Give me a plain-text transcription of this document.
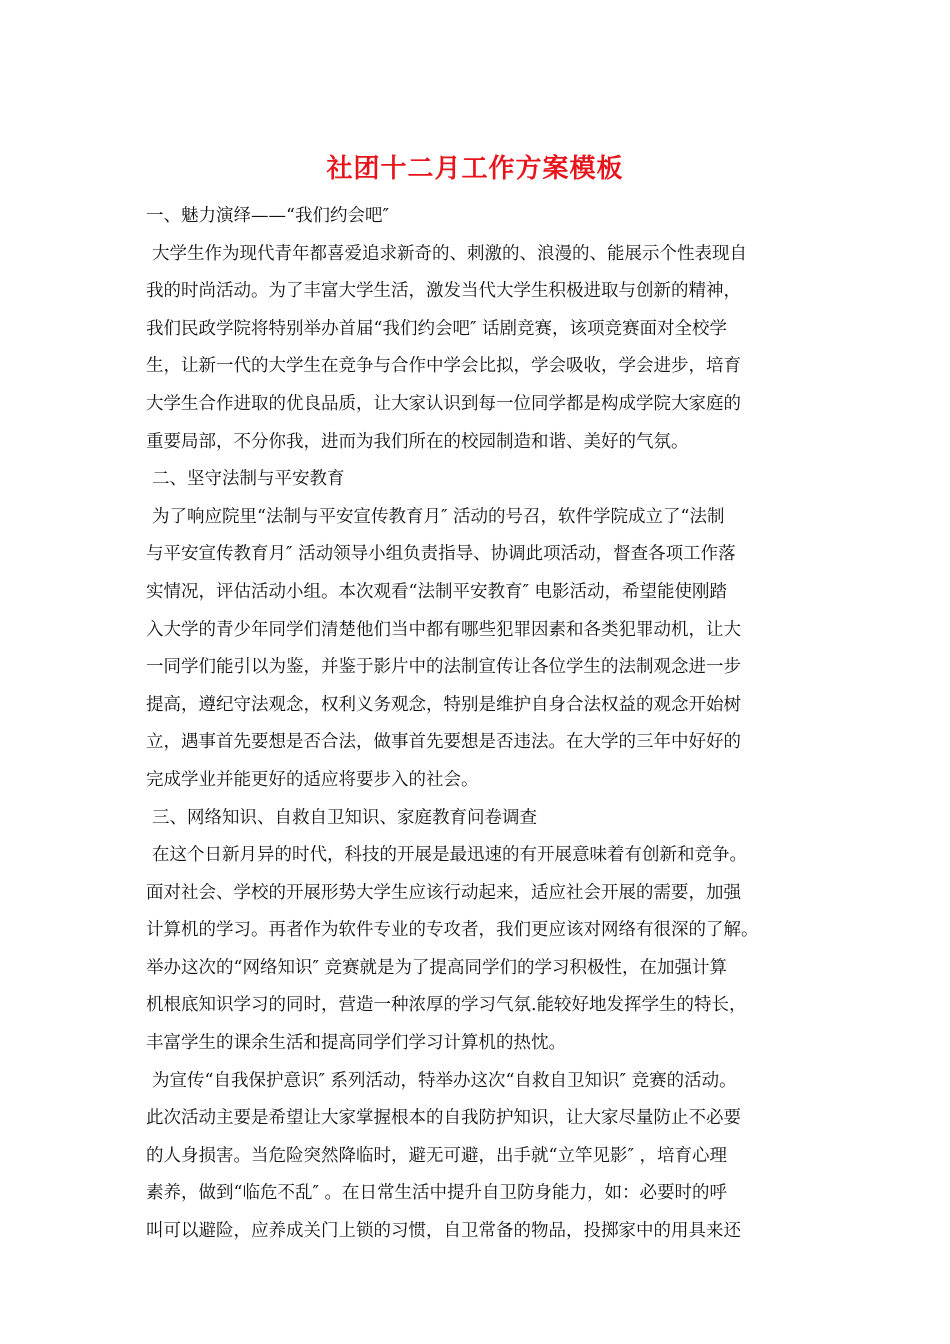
社团十二月工作方案模板
一、魅力演绎——“我们约会吧″
大学生作为现代青年都喜爱追求新奇的、刺激的、浪漫的、能展示个性表现自
我的时尚活动。为了丰富大学生活，激发当代大学生积极进取与创新的精神，
我们民政学院将特别举办首届“我们约会吧″ 话剧竞赛，该项竞赛面对全校学
生，让新一代的大学生在竞争与合作中学会比拟，学会吸收，学会进步，培育
大学生合作进取的优良品质，让大家认识到每一位同学都是构成学院大家庭的
重要局部，不分你我，进而为我们所在的校园制造和谐、美好的气氛。
二、坚守法制与平安教育
为了响应院里“法制与平安宣传教育月″ 活动的号召，软件学院成立了“法制
与平安宣传教育月″ 活动领导小组负责指导、协调此项活动，督查各项工作落
实情况，评估活动小组。本次观看“法制平安教育″ 电影活动，希望能使刚踏
入大学的青少年同学们清楚他们当中都有哪些犯罪因素和各类犯罪动机，让大
一同学们能引以为鉴，并鉴于影片中的法制宣传让各位学生的法制观念进一步
提高，遵纪守法观念，权利义务观念，特别是维护自身合法权益的观念开始树
立，遇事首先要想是否合法，做事首先要想是否违法。在大学的三年中好好的
完成学业并能更好的适应将要步入的社会。
三、网络知识、自救自卫知识、家庭教育问卷调查
在这个日新月异的时代，科技的开展是最迅速的有开展意味着有创新和竞争。
面对社会、学校的开展形势大学生应该行动起来，适应社会开展的需要，加强
计算机的学习。再者作为软件专业的专攻者，我们更应该对网络有很深的了解。
举办这次的“网络知识″ 竞赛就是为了提高同学们的学习积极性，在加强计算
机根底知识学习的同时，营造一种浓厚的学习气氛.能较好地发挥学生的特长，
丰富学生的课余生活和提高同学们学习计算机的热忱。
为宣传“自我保护意识″ 系列活动，特举办这次“自救自卫知识″ 竞赛的活动。
此次活动主要是希望让大家掌握根本的自我防护知识，让大家尽量防止不必要
的人身损害。当危险突然降临时，避无可避，出手就“立竿见影″ ，培育心理
素养，做到“临危不乱″ 。在日常生活中提升自卫防身能力，如：必要时的呼
叫可以避险，应养成关门上锁的习惯，自卫常备的物品，投掷家中的用具来还
